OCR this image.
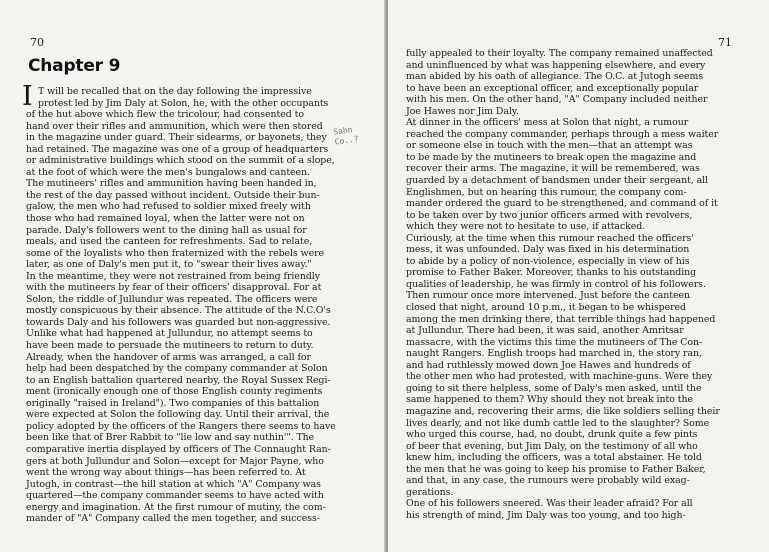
70
Chapter 9
I T will be recalled that on the day following the impressive
protest led by Jim Daly at Solon, he, with the other occupants
of the hut above which flew the tricolour, had consented to
hand over their rifles and ammunition, which were then stored
in the magazine under guard. Their sidearms, or bayonets, they
had retained. The magazine was one of a group of headquarters
or administrative buildings which stood on the summit of a slope,
at the foot of which were the men's bungalows and canteen.
The mutineers' rifles and ammunition having been handed in,
the rest of the day passed without incident. Outside their bun-
galow, the men who had refused to soldier mixed freely with
those who had remained loyal, when the latter were not on
parade. Daly's followers went to the dining hall as usual for
meals, and used the canteen for refreshments. Sad to relate,
some of the loyalists who then fraternized with the rebels were
later, as one of Daly's men put it, to "swear their lives away."
In the meantime, they were not restrained from being friendly
with the mutineers by fear of their officers' disapproval. For at
Solon, the riddle of Jullundur was repeated. The officers were
mostly conspicuous by their absence. The attitude of the N.C.O's
towards Daly and his followers was guarded but non-aggressive.
Unlike what had happened at Jullundur, no attempt seems to
have been made to persuade the mutineers to return to duty.
Already, when the handover of arms was arranged, a call for
help had been despatched by the company commander at Solon
to an English battalion quartered nearby, the Royal Sussex Regi-
ment (ironically enough one of those English county regiments
originally "raised in Ireland"). Two companies of this battalion
were expected at Solon the following day. Until their arrival, the
policy adopted by the officers of the Rangers there seems to have
been like that of Brer Rabbit to "lie low and say nuthin'". The
comparative inertia displayed by officers of The Connaught Ran-
gers at both Jullundur and Solon—except for Major Payne, who
went the wrong way about things—has been referred to. At
Jutogh, in contrast—the hill station at which "A" Company was
quartered—the company commander seems to have acted with
energy and imagination. At the first rumour of mutiny, the com-
mander of "A" Company called the men together, and success-
Sahn
Co..?
71
fully appealed to their loyalty. The company remained unaffected
and uninfluenced by what was happening elsewhere, and every
man abided by his oath of allegiance. The O.C. at Jutogh seems
to have been an exceptional officer, and exceptionally popular
with his men. On the other hand, "A" Company included neither
Joe Hawes nor Jim Daly.
At dinner in the officers' mess at Solon that night, a rumour
reached the company commander, perhaps through a mess waiter
or someone else in touch with the men—that an attempt was
to be made by the mutineers to break open the magazine and
recover their arms. The magazine, it will be remembered, was
guarded by a detachment of bandsmen under their sergeant, all
Englishmen, but on hearing this rumour, the company com-
mander ordered the guard to be strengthened, and command of it
to be taken over by two junior officers armed with revolvers,
which they were not to hesitate to use, if attacked.
Curiously, at the time when this rumour reached the officers'
mess, it was unfounded. Daly was fixed in his determination
to abide by a policy of non-violence, especially in view of his
promise to Father Baker. Moreover, thanks to his outstanding
qualities of leadership, he was firmly in control of his followers.
Then rumour once more intervened. Just before the canteen
closed that night, around 10 p.m., it began to be whispered
among the men drinking there, that terrible things had happened
at Jullundur. There had been, it was said, another Amritsar
massacre, with the victims this time the mutineers of The Con-
naught Rangers. English troops had marched in, the story ran,
and had ruthlessly mowed down Joe Hawes and hundreds of
the other men who had protested, with machine-guns. Were they
going to sit there helpless, some of Daly's men asked, until the
same happened to them? Why should they not break into the
magazine and, recovering their arms, die like soldiers selling their
lives dearly, and not like dumb cattle led to the slaughter? Some
who urged this course, had, no doubt, drunk quite a few pints
of beer that evening, but Jim Daly, on the testimony of all who
knew him, including the officers, was a total abstainer. He told
the men that he was going to keep his promise to Father Baker,
and that, in any case, the rumours were probably wild exag-
gerations.
One of his followers sneered. Was their leader afraid? For all
his strength of mind, Jim Daly was too young, and too high-
